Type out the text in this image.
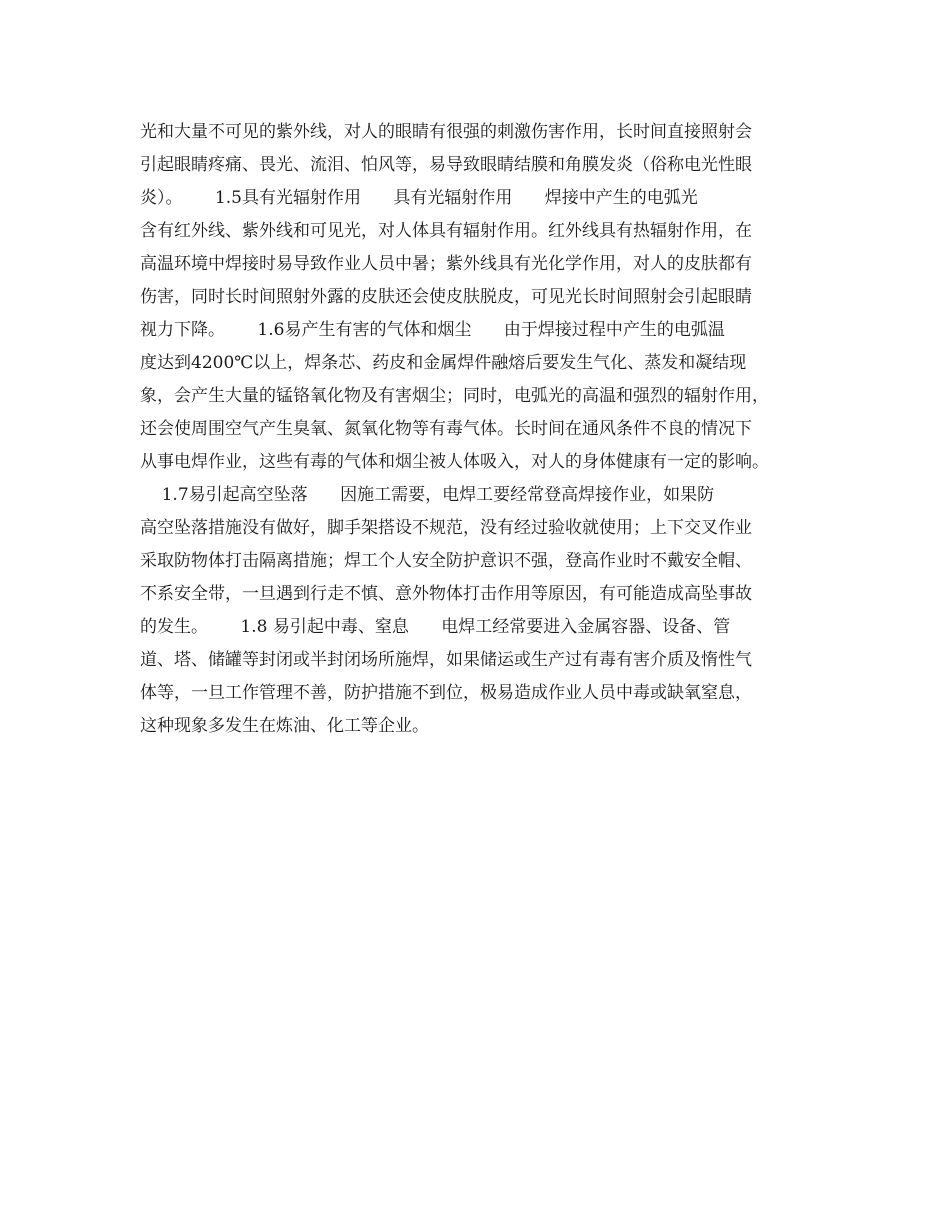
光和大量不可见的紫外线，对人的眼睛有很强的刺激伤害作用，长时间直接照射会
引起眼睛疼痛、畏光、流泪、怕风等，易导致眼睛结膜和角膜发炎（俗称电光性眼
炎）。      1.5具有光辐射作用      具有光辐射作用      焊接中产生的电弧光
含有红外线、紫外线和可见光，对人体具有辐射作用。红外线具有热辐射作用，在
高温环境中焊接时易导致作业人员中暑；紫外线具有光化学作用，对人的皮肤都有
伤害，同时长时间照射外露的皮肤还会使皮肤脱皮，可见光长时间照射会引起眼睛
视力下降。      1.6易产生有害的气体和烟尘      由于焊接过程中产生的电弧温
度达到4200℃以上，焊条芯、药皮和金属焊件融熔后要发生气化、蒸发和凝结现
象，会产生大量的锰铬氧化物及有害烟尘；同时，电弧光的高温和强烈的辐射作用，
还会使周围空气产生臭氧、氮氧化物等有毒气体。长时间在通风条件不良的情况下
从事电焊作业，这些有毒的气体和烟尘被人体吸入，对人的身体健康有一定的影响。
1.7易引起高空坠落      因施工需要，电焊工要经常登高焊接作业，如果防
高空坠落措施没有做好，脚手架搭设不规范，没有经过验收就使用；上下交叉作业
采取防物体打击隔离措施；焊工个人安全防护意识不强，登高作业时不戴安全帽、
不系安全带，一旦遇到行走不慎、意外物体打击作用等原因，有可能造成高坠事故
的发生。      1.8 易引起中毒、窒息      电焊工经常要进入金属容器、设备、管
道、塔、储罐等封闭或半封闭场所施焊，如果储运或生产过有毒有害介质及惰性气
体等，一旦工作管理不善，防护措施不到位，极易造成作业人员中毒或缺氧窒息，
这种现象多发生在炼油、化工等企业。
